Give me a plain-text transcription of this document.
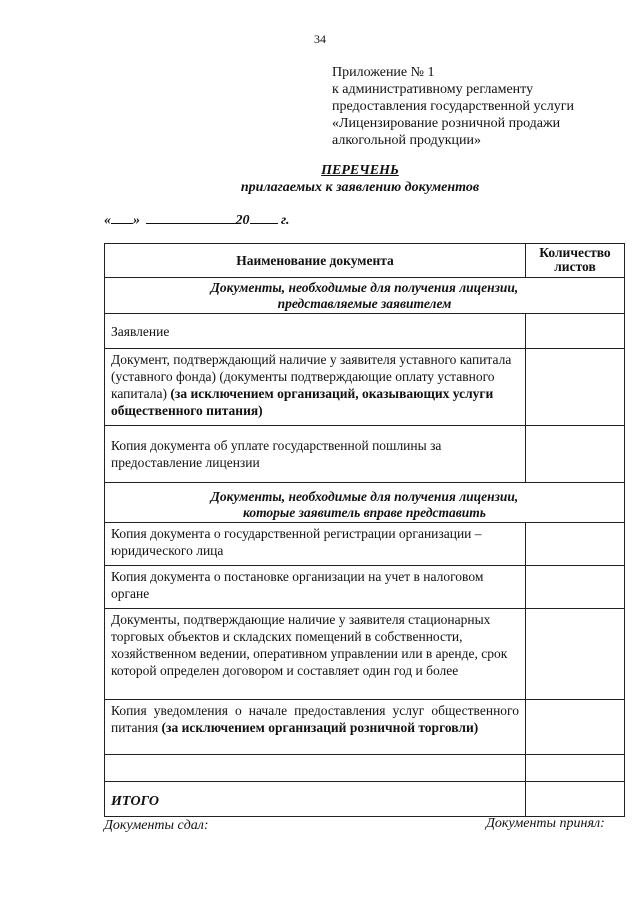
34
Приложение № 1
к административному регламенту
предоставления государственной услуги
«Лицензирование розничной продажи
алкогольной продукции»
ПЕРЕЧЕНЬ
прилагаемых к заявлению документов
« »	20 г.
Наименование документа	Количество
листов

Документы, необходимые для получения лицензии,
представляемые заявителем	

Заявление	
Документ, подтверждающий наличие у заявителя уставного капитала (уставного фонда) (документы подтверждающие оплату уставного капитала) (за исключением организаций, оказывающих услуги общественного питания)	
Копия документа об уплате государственной пошлины за предоставление лицензии	

Документы, необходимые для получения лицензии,
которые заявитель вправе представить	

Копия документа о государственной регистрации организации – юридического лица	
Копия документа о постановке организации на учет в налоговом органе	
Документы, подтверждающие наличие у заявителя стационарных торговых объектов и складских помещений в собственности, хозяйственном ведении, оперативном управлении или в аренде, срок которой определен договором и составляет один год и более	
Копия уведомления о начале предоставления услуг общественного питания (за исключением организаций розничной торговли)	

ИТОГО	
Документы сдал:	Документы принял:
